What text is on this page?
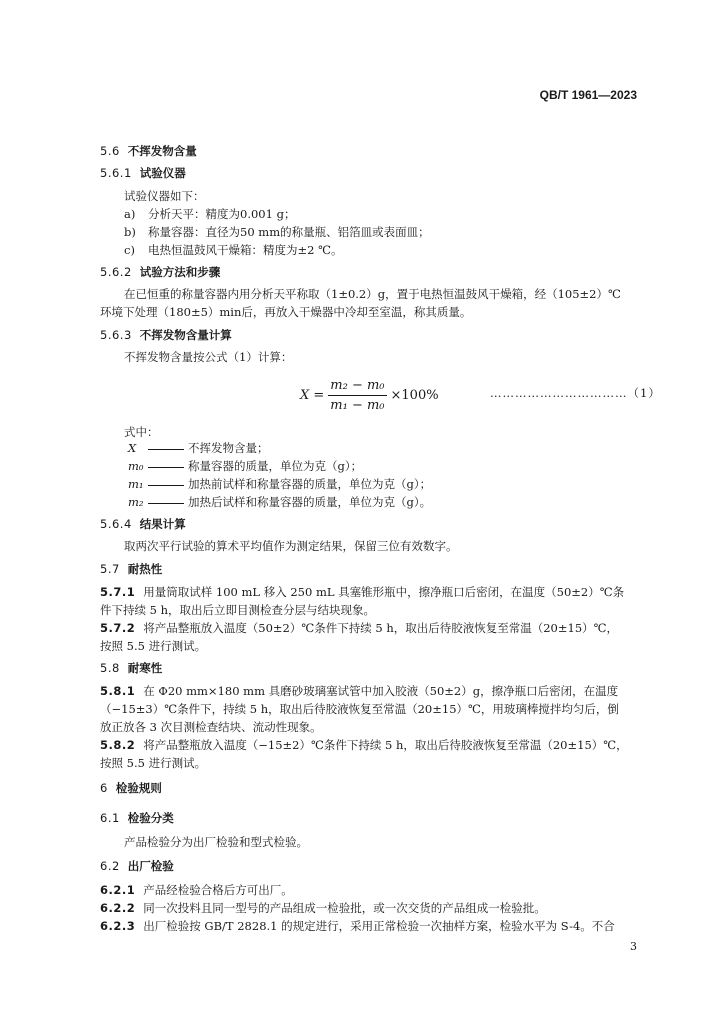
QB/T 1961—2023
5.6 不挥发物含量
5.6.1 试验仪器
试验仪器如下：
a) 分析天平：精度为0.001 g；
b) 称量容器：直径为50 mm的称量瓶、铝箔皿或表面皿；
c) 电热恒温鼓风干燥箱：精度为±2 ℃。
5.6.2 试验方法和步骤
在已恒重的称量容器内用分析天平称取（1±0.2）g，置于电热恒温鼓风干燥箱，经（105±2）℃
环境下处理（180±5）min后，再放入干燥器中冷却至室温，称其质量。
5.6.3 不挥发物含量计算
不挥发物含量按公式（1）计算：
$X = \frac{\text{m₂ − m₀}}{\text{m₁ − m₀}} \times 100\%$	……………………………（1）
式中：
X	不挥发物含量；
m₀	称量容器的质量，单位为克（g）；
m₁	加热前试样和称量容器的质量，单位为克（g）；
m₂	加热后试样和称量容器的质量，单位为克（g）。
5.6.4 结果计算
取两次平行试验的算术平均值作为测定结果，保留三位有效数字。
5.7 耐热性
5.7.1 用量筒取试样 100 mL 移入 250 mL 具塞锥形瓶中，擦净瓶口后密闭，在温度（50±2）℃条
件下持续 5 h，取出后立即目测检查分层与结块现象。
5.7.2 将产品整瓶放入温度（50±2）℃条件下持续 5 h，取出后待胶液恢复至常温（20±15）℃，
按照 5.5 进行测试。
5.8 耐寒性
5.8.1 在 Φ20 mm×180 mm 具磨砂玻璃塞试管中加入胶液（50±2）g，擦净瓶口后密闭，在温度
（−15±3）℃条件下，持续 5 h，取出后待胶液恢复至常温（20±15）℃，用玻璃棒搅拌均匀后，倒
放正放各 3 次目测检查结块、流动性现象。
5.8.2 将产品整瓶放入温度（−15±2）℃条件下持续 5 h，取出后待胶液恢复至常温（20±15）℃，
按照 5.5 进行测试。
6 检验规则
6.1 检验分类
产品检验分为出厂检验和型式检验。
6.2 出厂检验
6.2.1 产品经检验合格后方可出厂。
6.2.2 同一次投料且同一型号的产品组成一检验批，或一次交货的产品组成一检验批。
6.2.3 出厂检验按 GB/T 2828.1 的规定进行，采用正常检验一次抽样方案，检验水平为 S-4。不合
3
